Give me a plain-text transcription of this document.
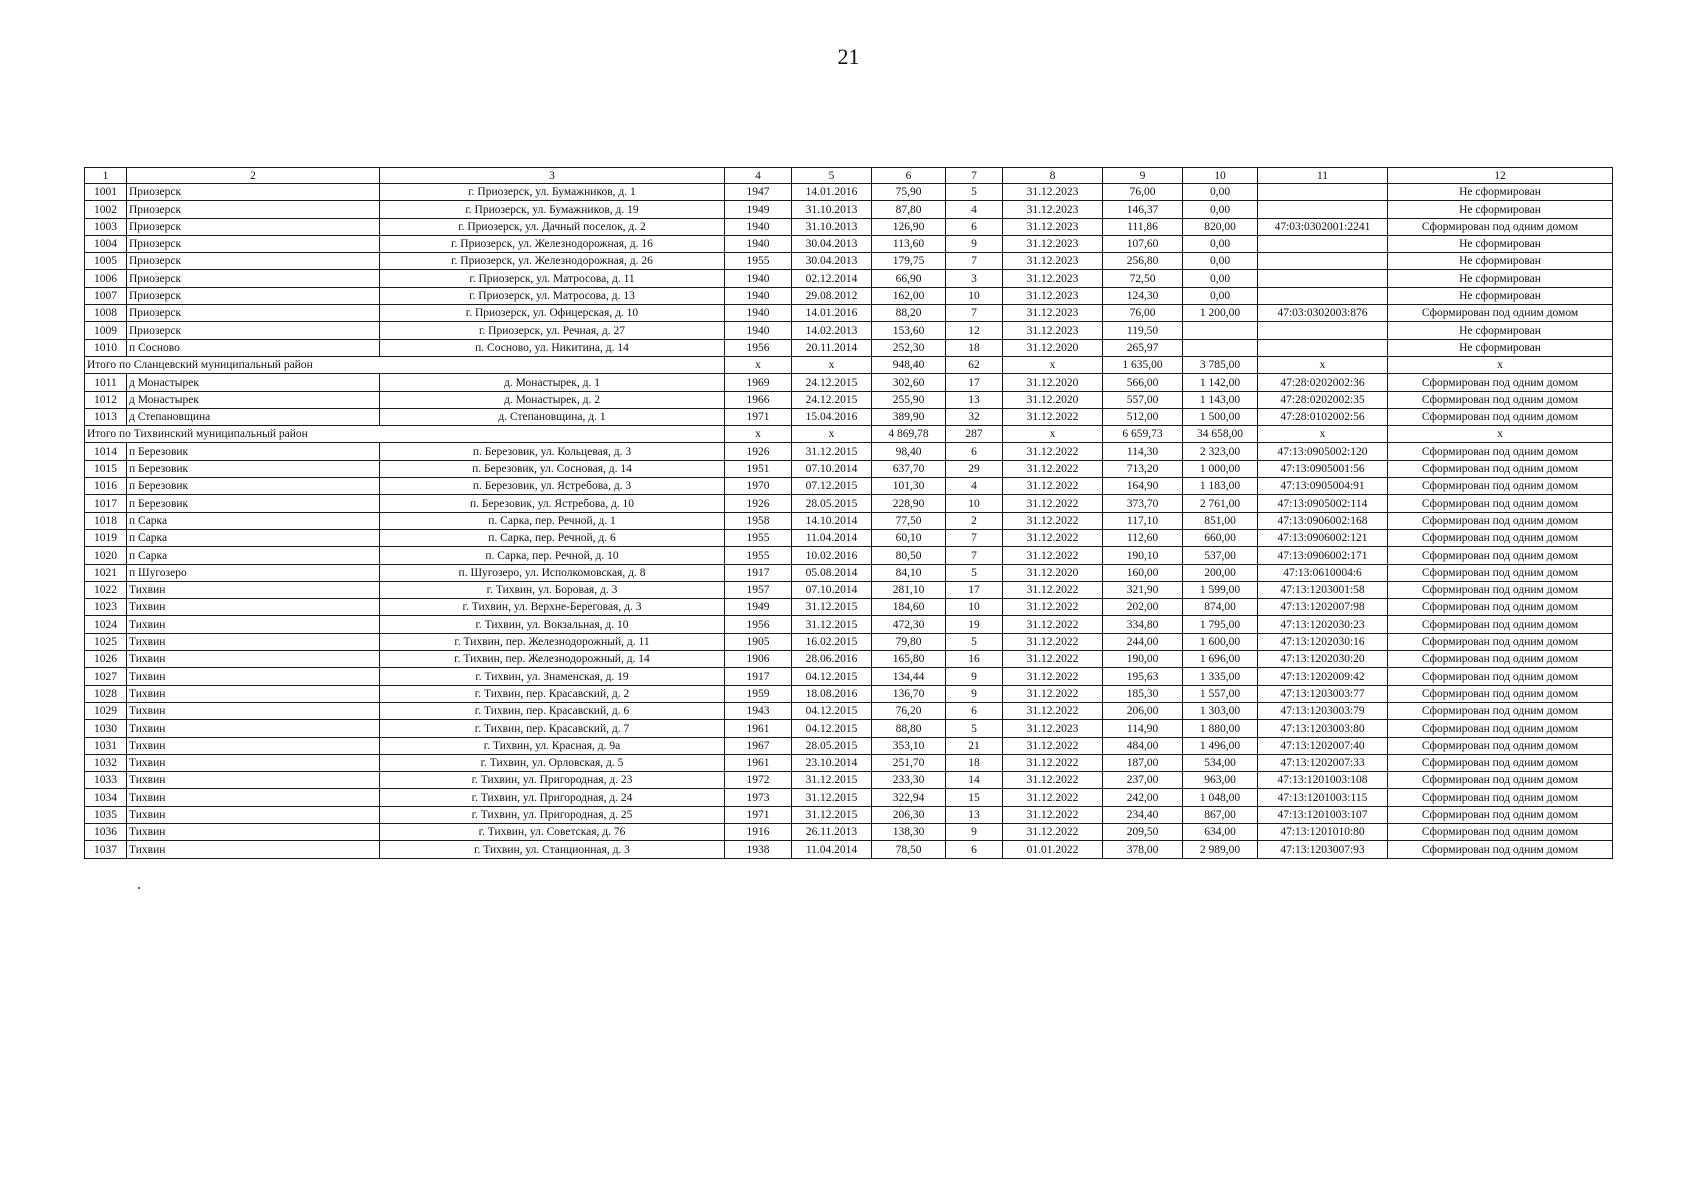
21
1	2	3	4	5	6	7	8	9	10	11	12
1001	Приозерск	г. Приозерск, ул. Бумажников, д. 1	1947	14.01.2016	75,90	5	31.12.2023	76,00	0,00		Не сформирован
1002	Приозерск	г. Приозерск, ул. Бумажников, д. 19	1949	31.10.2013	87,80	4	31.12.2023	146,37	0,00		Не сформирован
1003	Приозерск	г. Приозерск, ул. Дачный поселок, д. 2	1940	31.10.2013	126,90	6	31.12.2023	111,86	820,00	47:03:0302001:2241	Сформирован под одним домом
1004	Приозерск	г. Приозерск, ул. Железнодорожная, д. 16	1940	30.04.2013	113,60	9	31.12.2023	107,60	0,00		Не сформирован
1005	Приозерск	г. Приозерск, ул. Железнодорожная, д. 26	1955	30.04.2013	179,75	7	31.12.2023	256,80	0,00		Не сформирован
1006	Приозерск	г. Приозерск, ул. Матросова, д. 11	1940	02.12.2014	66,90	3	31.12.2023	72,50	0,00		Не сформирован
1007	Приозерск	г. Приозерск, ул. Матросова, д. 13	1940	29.08.2012	162,00	10	31.12.2023	124,30	0,00		Не сформирован
1008	Приозерск	г. Приозерск, ул. Офицерская, д. 10	1940	14.01.2016	88,20	7	31.12.2023	76,00	1 200,00	47:03:0302003:876	Сформирован под одним домом
1009	Приозерск	г. Приозерск, ул. Речная, д. 27	1940	14.02.2013	153,60	12	31.12.2023	119,50			Не сформирован
1010	п Сосново	п. Сосново, ул. Никитина, д. 14	1956	20.11.2014	252,30	18	31.12.2020	265,97			Не сформирован
Итого по Сланцевский муниципальный район			x	x	948,40	62	x	1 635,00	3 785,00	x	x
1011	д Монастырек	д. Монастырек, д. 1	1969	24.12.2015	302,60	17	31.12.2020	566,00	1 142,00	47:28:0202002:36	Сформирован под одним домом
1012	д Монастырек	д. Монастырек, д. 2	1966	24.12.2015	255,90	13	31.12.2020	557,00	1 143,00	47:28:0202002:35	Сформирован под одним домом
1013	д Степановщина	д. Степановщина, д. 1	1971	15.04.2016	389,90	32	31.12.2022	512,00	1 500,00	47:28:0102002:56	Сформирован под одним домом
Итого по Тихвинский муниципальный район			x	x	4 869,78	287	x	6 659,73	34 658,00	x	x
1014	п Березовик	п. Березовик, ул. Кольцевая, д. 3	1926	31.12.2015	98,40	6	31.12.2022	114,30	2 323,00	47:13:0905002:120	Сформирован под одним домом
1015	п Березовик	п. Березовик, ул. Сосновая, д. 14	1951	07.10.2014	637,70	29	31.12.2022	713,20	1 000,00	47:13:0905001:56	Сформирован под одним домом
1016	п Березовик	п. Березовик, ул. Ястребова, д. 3	1970	07.12.2015	101,30	4	31.12.2022	164,90	1 183,00	47:13:0905004:91	Сформирован под одним домом
1017	п Березовик	п. Березовик, ул. Ястребова, д. 10	1926	28.05.2015	228,90	10	31.12.2022	373,70	2 761,00	47:13:0905002:114	Сформирован под одним домом
1018	п Сарка	п. Сарка, пер. Речной, д. 1	1958	14.10.2014	77,50	2	31.12.2022	117,10	851,00	47:13:0906002:168	Сформирован под одним домом
1019	п Сарка	п. Сарка, пер. Речной, д. 6	1955	11.04.2014	60,10	7	31.12.2022	112,60	660,00	47:13:0906002:121	Сформирован под одним домом
1020	п Сарка	п. Сарка, пер. Речной, д. 10	1955	10.02.2016	80,50	7	31.12.2022	190,10	537,00	47:13:0906002:171	Сформирован под одним домом
1021	п Шугозеро	п. Шугозеро, ул. Исполкомовская, д. 8	1917	05.08.2014	84,10	5	31.12.2020	160,00	200,00	47:13:0610004:6	Сформирован под одним домом
1022	Тихвин	г. Тихвин, ул. Боровая, д. 3	1957	07.10.2014	281,10	17	31.12.2022	321,90	1 599,00	47:13:1203001:58	Сформирован под одним домом
1023	Тихвин	г. Тихвин, ул. Верхне-Береговая, д. 3	1949	31.12.2015	184,60	10	31.12.2022	202,00	874,00	47:13:1202007:98	Сформирован под одним домом
1024	Тихвин	г. Тихвин, ул. Вокзальная, д. 10	1956	31.12.2015	472,30	19	31.12.2022	334,80	1 795,00	47:13:1202030:23	Сформирован под одним домом
1025	Тихвин	г. Тихвин, пер. Железнодорожный, д. 11	1905	16.02.2015	79,80	5	31.12.2022	244,00	1 600,00	47:13:1202030:16	Сформирован под одним домом
1026	Тихвин	г. Тихвин, пер. Железнодорожный, д. 14	1906	28.06.2016	165,80	16	31.12.2022	190,00	1 696,00	47:13:1202030:20	Сформирован под одним домом
1027	Тихвин	г. Тихвин, ул. Знаменская, д. 19	1917	04.12.2015	134,44	9	31.12.2022	195,63	1 335,00	47:13:1202009:42	Сформирован под одним домом
1028	Тихвин	г. Тихвин, пер. Красавский, д. 2	1959	18.08.2016	136,70	9	31.12.2022	185,30	1 557,00	47:13:1203003:77	Сформирован под одним домом
1029	Тихвин	г. Тихвин, пер. Красавский, д. 6	1943	04.12.2015	76,20	6	31.12.2022	206,00	1 303,00	47:13:1203003:79	Сформирован под одним домом
1030	Тихвин	г. Тихвин, пер. Красавский, д. 7	1961	04.12.2015	88,80	5	31.12.2023	114,90	1 880,00	47:13:1203003:80	Сформирован под одним домом
1031	Тихвин	г. Тихвин, ул. Красная, д. 9а	1967	28.05.2015	353,10	21	31.12.2022	484,00	1 496,00	47:13:1202007:40	Сформирован под одним домом
1032	Тихвин	г. Тихвин, ул. Орловская, д. 5	1961	23.10.2014	251,70	18	31.12.2022	187,00	534,00	47:13:1202007:33	Сформирован под одним домом
1033	Тихвин	г. Тихвин, ул. Пригородная, д. 23	1972	31.12.2015	233,30	14	31.12.2022	237,00	963,00	47:13:1201003:108	Сформирован под одним домом
1034	Тихвин	г. Тихвин, ул. Пригородная, д. 24	1973	31.12.2015	322,94	15	31.12.2022	242,00	1 048,00	47:13:1201003:115	Сформирован под одним домом
1035	Тихвин	г. Тихвин, ул. Пригородная, д. 25	1971	31.12.2015	206,30	13	31.12.2022	234,40	867,00	47:13:1201003:107	Сформирован под одним домом
1036	Тихвин	г. Тихвин, ул. Советская, д. 76	1916	26.11.2013	138,30	9	31.12.2022	209,50	634,00	47:13:1201010:80	Сформирован под одним домом
1037	Тихвин	г. Тихвин, ул. Станционная, д. 3	1938	11.04.2014	78,50	6	01.01.2022	378,00	2 989,00	47:13:1203007:93	Сформирован под одним домом
